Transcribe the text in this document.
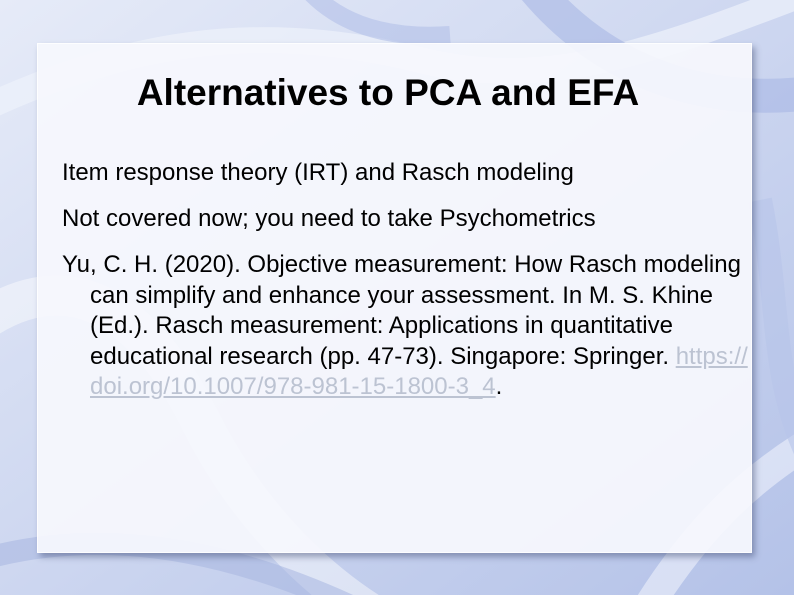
Alternatives to PCA and EFA

Item response theory (IRT) and Rasch modeling

Not covered now; you need to take Psychometrics

Yu, C. H. (2020). Objective measurement: How Rasch modeling can simplify and enhance your assessment. In M. S. Khine (Ed.). Rasch measurement: Applications in quantitative educational research (pp. 47-73). Singapore: Springer. https://doi.org/10.1007/978-981-15-1800-3_4.
